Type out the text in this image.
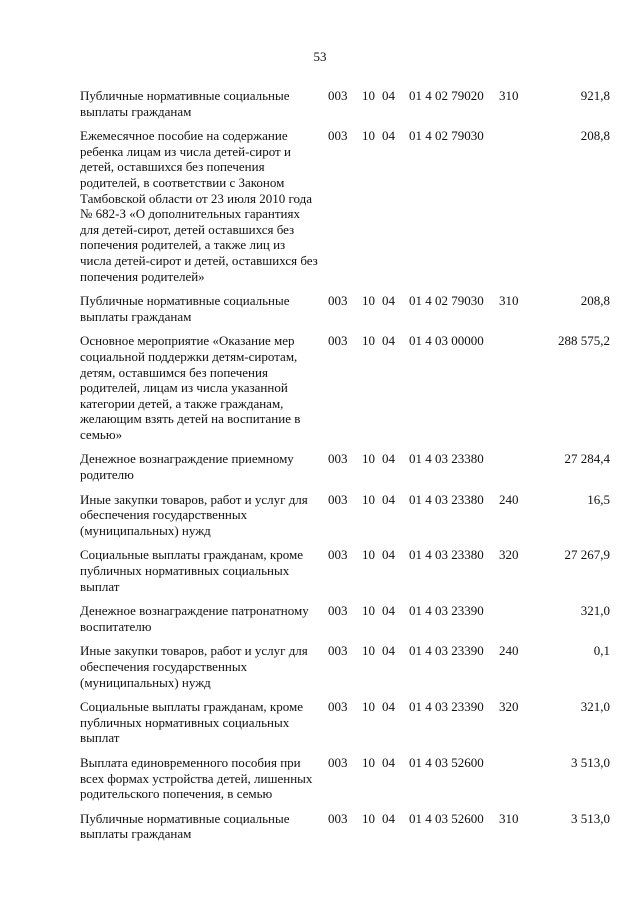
53
Публичные нормативные социальные выплаты гражданам
003 10 04 01 4 02 79020 310	921,8
Ежемесячное пособие на содержание ребенка лицам из числа детей-сирот и детей, оставшихся без попечения родителей, в соответствии с Законом Тамбовской области от 23 июля 2010 года № 682-З «О дополнительных гарантиях для детей-сирот, детей оставшихся без попечения родителей, а также лиц из числа детей-сирот и детей, оставшихся без попечения родителей»
003 10 04 01 4 02 79030	208,8
Публичные нормативные социальные выплаты гражданам
003 10 04 01 4 02 79030 310	208,8
Основное мероприятие «Оказание мер социальной поддержки детям-сиротам, детям, оставшимся без попечения родителей, лицам из числа указанной категории детей, а также гражданам, желающим взять детей на воспитание в семью»
003 10 04 01 4 03 00000	288 575,2
Денежное вознаграждение приемному родителю
003 10 04 01 4 03 23380	27 284,4
Иные закупки товаров, работ и услуг для обеспечения государственных (муниципальных) нужд
003 10 04 01 4 03 23380 240	16,5
Социальные выплаты гражданам, кроме публичных нормативных социальных выплат
003 10 04 01 4 03 23380 320	27 267,9
Денежное вознаграждение патронатному воспитателю
003 10 04 01 4 03 23390	321,0
Иные закупки товаров, работ и услуг для обеспечения государственных (муниципальных) нужд
003 10 04 01 4 03 23390 240	0,1
Социальные выплаты гражданам, кроме публичных нормативных социальных выплат
003 10 04 01 4 03 23390 320	321,0
Выплата единовременного пособия при всех формах устройства детей, лишенных родительского попечения, в семью
003 10 04 01 4 03 52600	3 513,0
Публичные нормативные социальные выплаты гражданам
003 10 04 01 4 03 52600 310	3 513,0
